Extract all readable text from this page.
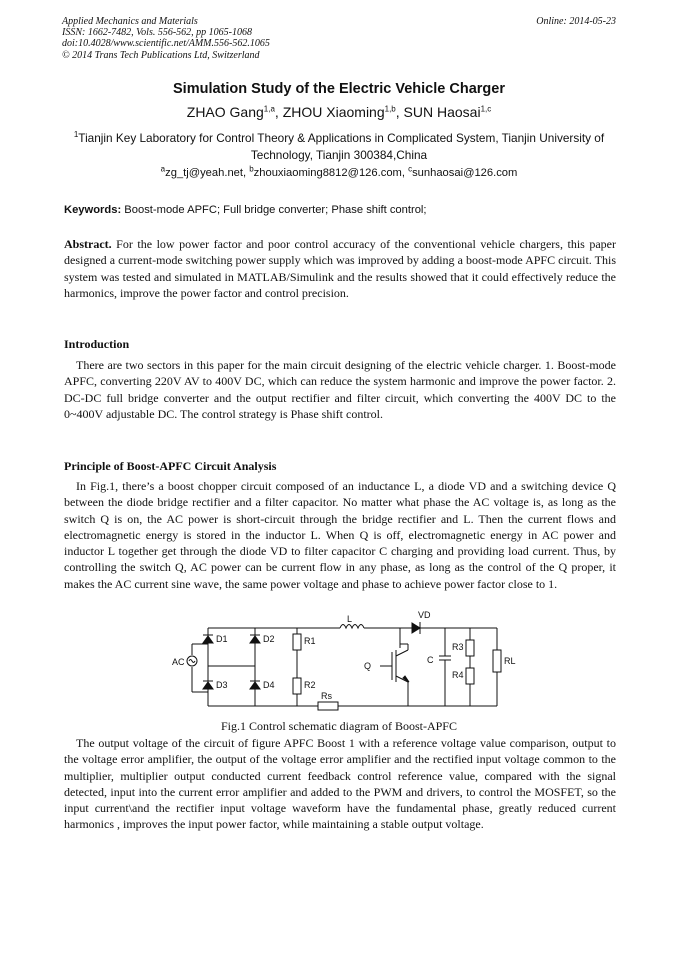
Applied Mechanics and Materials
ISSN: 1662-7482, Vols. 556-562, pp 1065-1068
doi:10.4028/www.scientific.net/AMM.556-562.1065
© 2014 Trans Tech Publications Ltd, Switzerland
Online: 2014-05-23
Simulation Study of the Electric Vehicle Charger
ZHAO Gang$^{1,a}$, ZHOU Xiaoming$^{1,b}$, SUN Haosai$^{1,c}$
$^1$Tianjin Key Laboratory for Control Theory & Applications in Complicated System, Tianjin University of Technology, Tianjin 300384,China
$^a$zg_tj@yeah.net, $^b$zhouxiaoming8812@126.com, $^c$sunhaosai@126.com
Keywords: Boost-mode APFC; Full bridge converter; Phase shift control;
Abstract. For the low power factor and poor control accuracy of the conventional vehicle chargers, this paper designed a current-mode switching power supply which was improved by adding a boost-mode APFC circuit. This system was tested and simulated in MATLAB/Simulink and the results showed that it could effectively reduce the harmonics, improve the power factor and control precision.
Introduction
There are two sectors in this paper for the main circuit designing of the electric vehicle charger. 1. Boost-mode APFC, converting 220V AV to 400V DC, which can reduce the system harmonic and improve the power factor. 2. DC-DC full bridge converter and the output rectifier and filter circuit, which converting the 400V DC to the 0~400V adjustable DC. The control strategy is Phase shift control.
Principle of Boost-APFC Circuit Analysis
In Fig.1, there’s a boost chopper circuit composed of an inductance L, a diode VD and a switching device Q between the diode bridge rectifier and a filter capacitor. No matter what phase the AC voltage is, as long as the switch Q is on, the AC power is short-circuit through the bridge rectifier and L. Then the current flows and electromagnetic energy is stored in the inductor L. When Q is off, electromagnetic energy in AC power and inductor L together get through the diode VD to filter capacitor C charging and providing load current. Thus, by controlling the switch Q, AC power can be current flow in any phase, as long as the control of the Q proper, it makes the AC current sine wave, the same power voltage and phase to achieve power factor close to 1.
AC
D1	D2
D3	D4
R1
R2
L	VD
Q
C
R3
R4
RL
Rs
Fig.1 Control schematic diagram of Boost-APFC
The output voltage of the circuit of figure APFC Boost 1 with a reference voltage value comparison, output to the voltage error amplifier, the output of the voltage error amplifier and the rectified input voltage common to the multiplier, multiplier output conducted current feedback control reference value, compared with the signal detected, input into the current error amplifier and added to the PWM and drivers, to control the MOSFET, so the input current\and the rectifier input voltage waveform have the fundamental phase, greatly reduced current harmonics , improves the input power factor, while maintaining a stable output voltage.
